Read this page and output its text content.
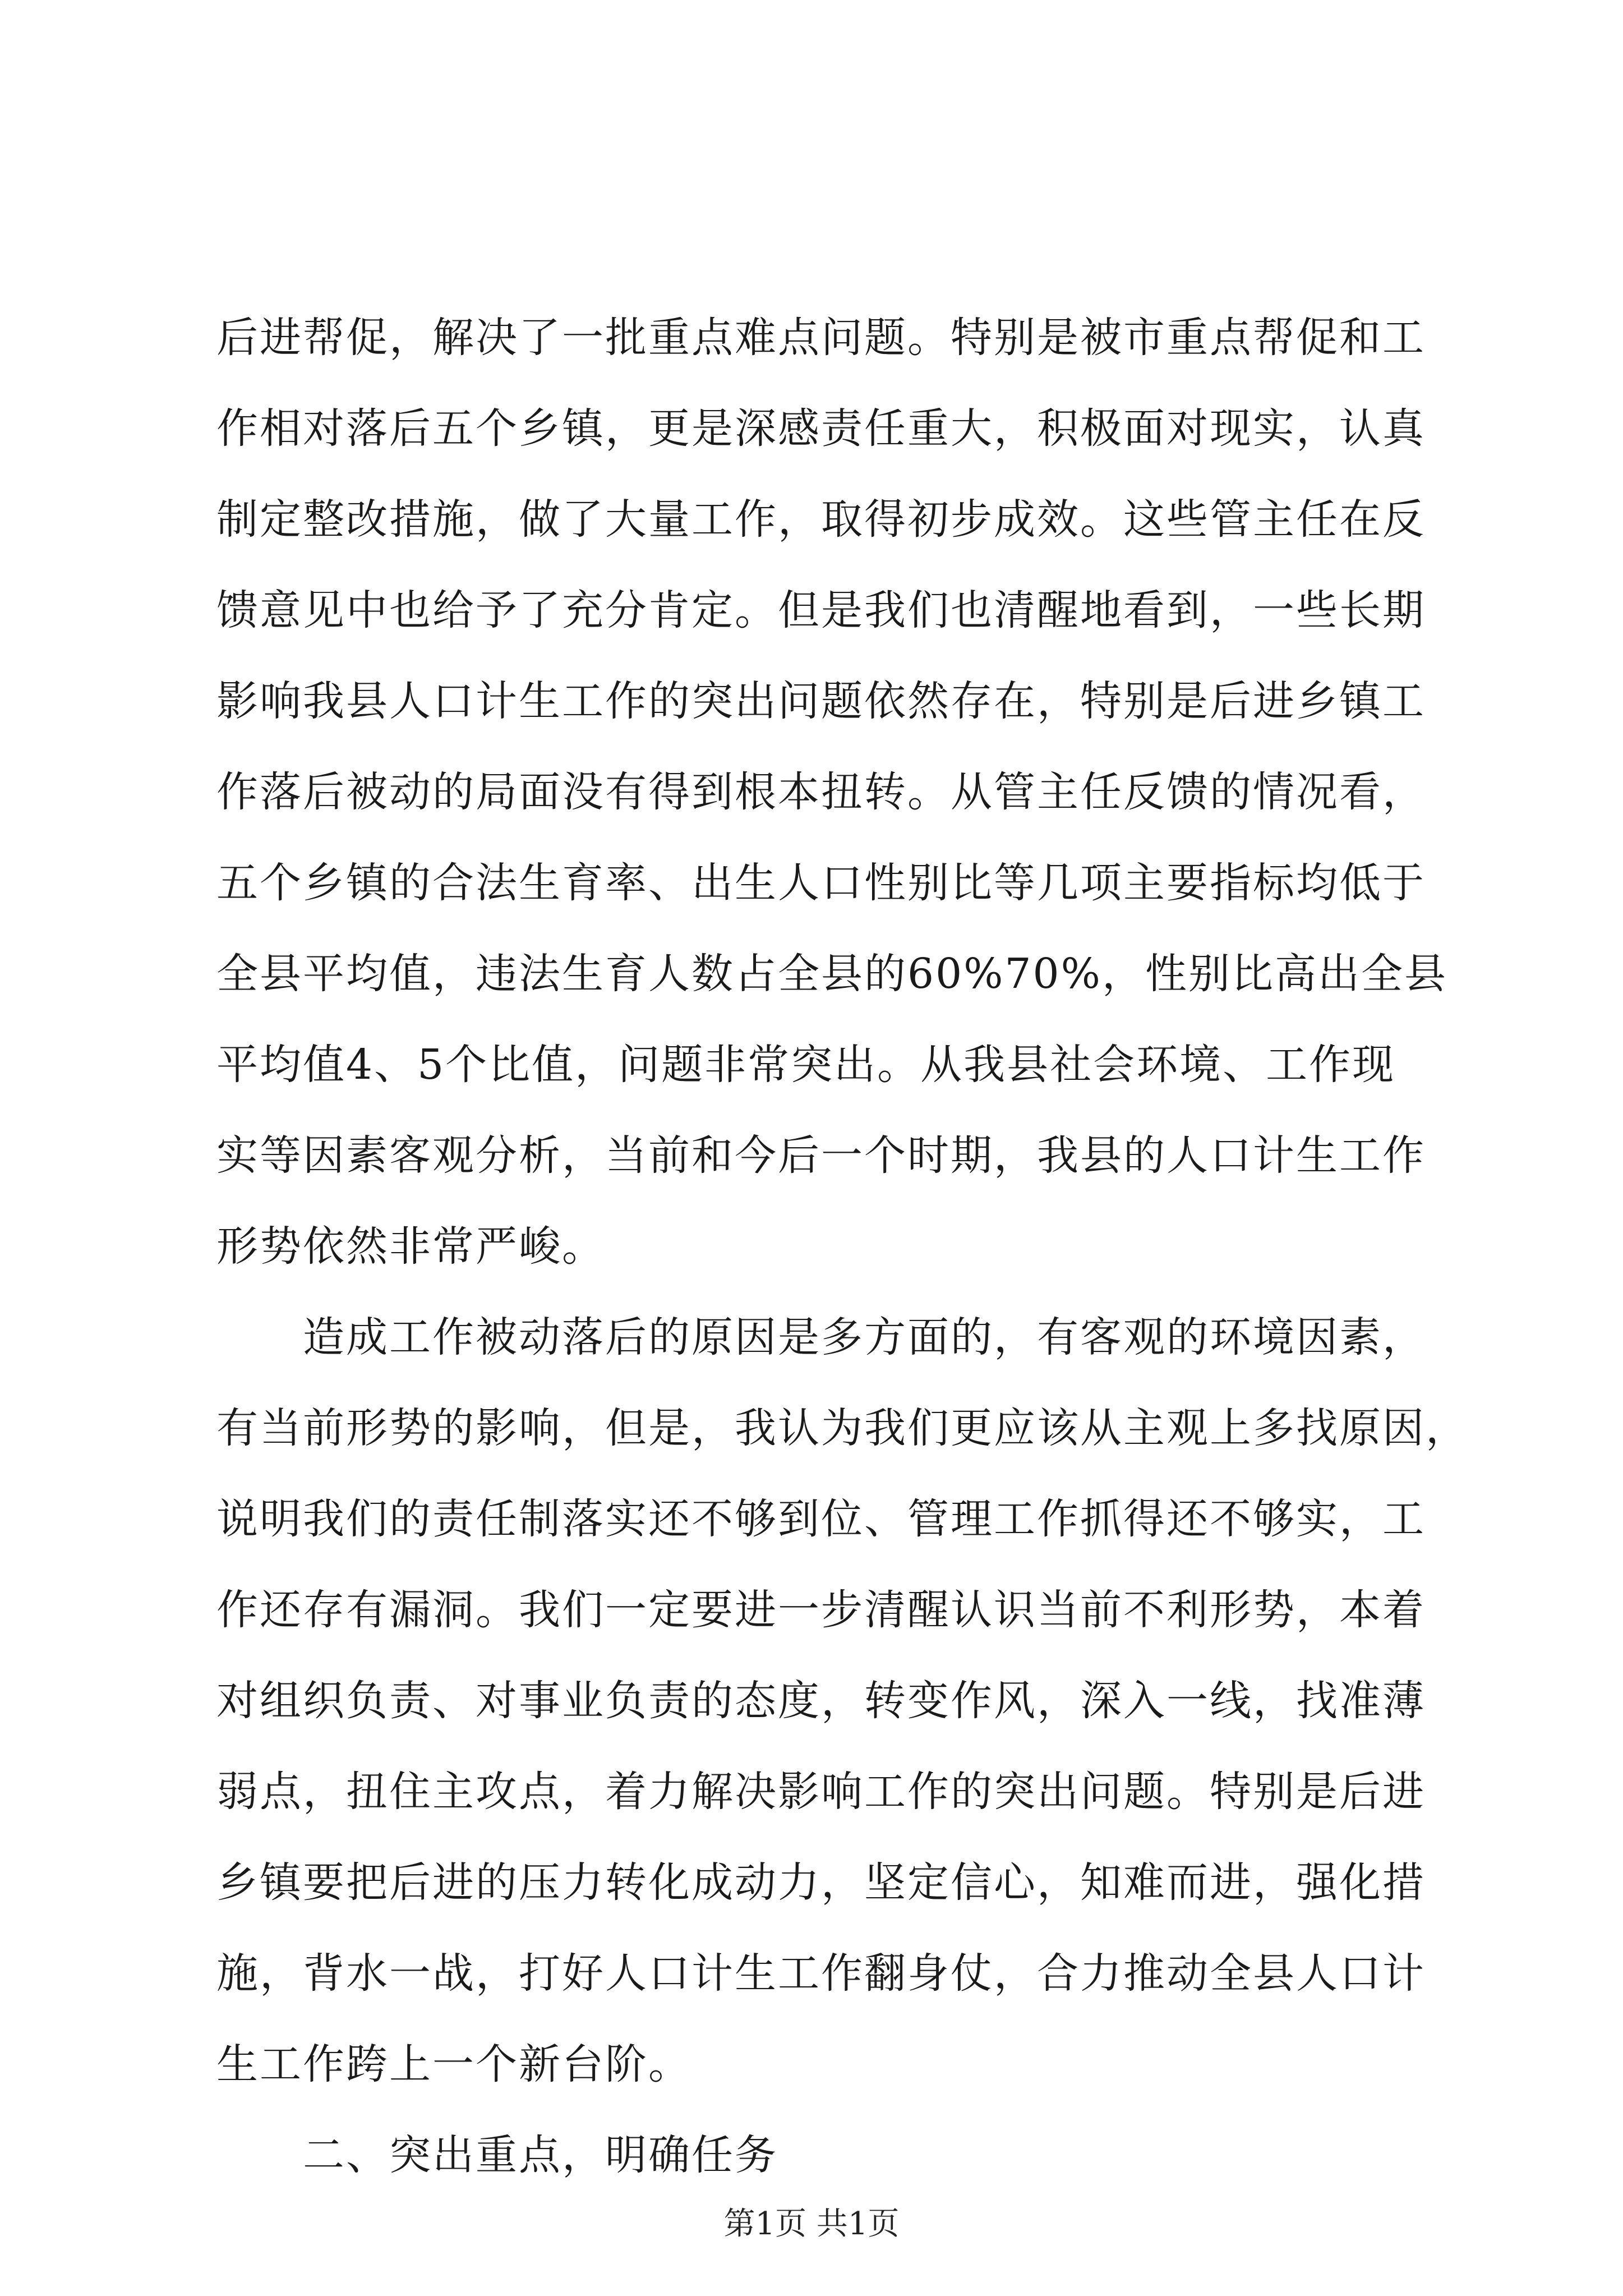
后进帮促，解决了一批重点难点问题。特别是被市重点帮促和工
作相对落后五个乡镇，更是深感责任重大，积极面对现实，认真
制定整改措施，做了大量工作，取得初步成效。这些管主任在反
馈意见中也给予了充分肯定。但是我们也清醒地看到，一些长期
影响我县人口计生工作的突出问题依然存在，特别是后进乡镇工
作落后被动的局面没有得到根本扭转。从管主任反馈的情况看，
五个乡镇的合法生育率、出生人口性别比等几项主要指标均低于
全县平均值，违法生育人数占全县的60%70%，性别比高出全县
平均值4、5个比值，问题非常突出。从我县社会环境、工作现
实等因素客观分析，当前和今后一个时期，我县的人口计生工作
形势依然非常严峻。
造成工作被动落后的原因是多方面的，有客观的环境因素，
有当前形势的影响，但是，我认为我们更应该从主观上多找原因，
说明我们的责任制落实还不够到位、管理工作抓得还不够实，工
作还存有漏洞。我们一定要进一步清醒认识当前不利形势，本着
对组织负责、对事业负责的态度，转变作风，深入一线，找准薄
弱点，扭住主攻点，着力解决影响工作的突出问题。特别是后进
乡镇要把后进的压力转化成动力，坚定信心，知难而进，强化措
施，背水一战，打好人口计生工作翻身仗，合力推动全县人口计
生工作跨上一个新台阶。
二、突出重点，明确任务
第1页 共1页
